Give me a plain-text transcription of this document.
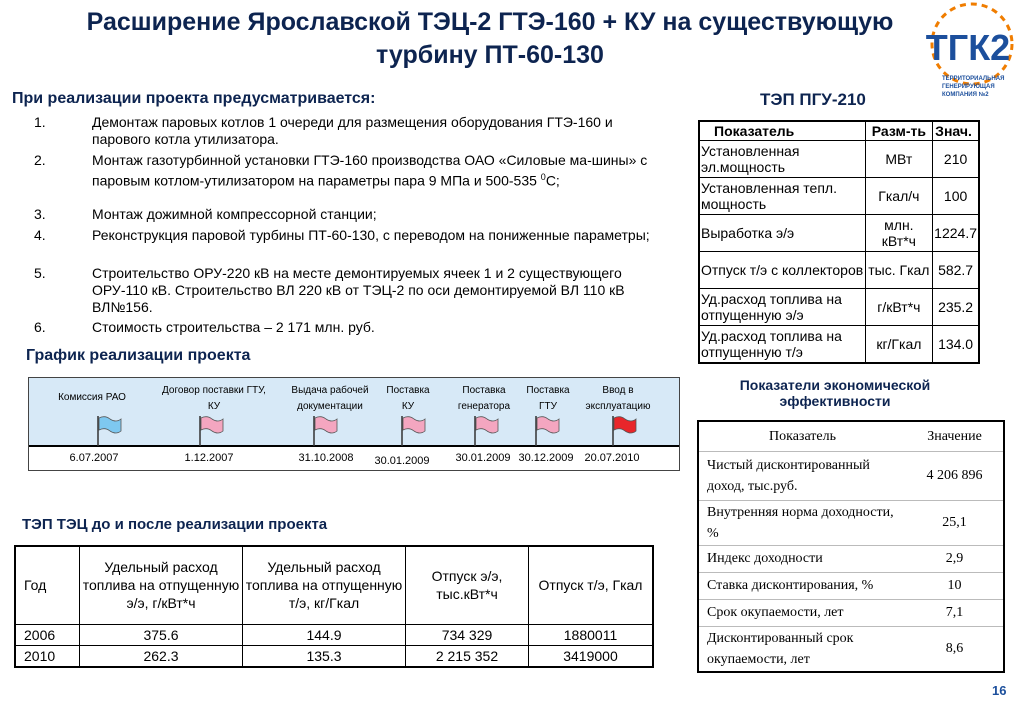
Расширение Ярославской ТЭЦ-2 ГТЭ-160 + КУ на существующую турбину ПТ-60-130	ТГК2
ТЕРРИТОРИАЛЬНАЯ
ГЕНЕРИРУЮЩАЯ
КОМПАНИЯ №2
При реализации проекта предусматривается:
1.	Демонтаж паровых котлов 1 очереди для размещения оборудования ГТЭ-160 и парового котла утилизатора.
2.	Монтаж газотурбинной установки ГТЭ-160 производства ОАО «Силовые ма-шины» с паровым котлом-утилизатором на параметры пара 9 МПа и 500-535 $^0$С;
3.	Монтаж дожимной компрессорной станции;
4.	Реконструкция паровой турбины ПТ-60-130, с переводом на пониженные параметры;
5.	Строительство ОРУ-220 кВ на месте демонтируемых ячеек 1 и 2 существующего ОРУ-110 кВ. Строительство ВЛ 220 кВ от ТЭЦ-2 по оси демонтируемой ВЛ 110 кВ ВЛ№156.
6.	Стоимость строительства – 2 171 млн. руб.
График реализации проекта
Комиссия РАО
Договор поставки ГТУ, КУ
Выдача рабочей документации
Поставка КУ
Поставка генератора
Поставка ГТУ
Ввод в эксплуатацию
6.07.2007	1.12.2007	31.10.2008	30.01.2009	30.01.2009 30.12.2009 20.07.2010
ТЭП ПГУ-210
Показатель	Разм-ть	Знач.
Установленная эл.мощность	МВт	210
Установленная тепл. мощность	Гкал/ч	100
Выработка э/э	млн. кВт*ч	1224.7
Отпуск т/э с коллекторов	тыс. Гкал	582.7
Уд.расход топлива на отпущенную э/э	г/кВт*ч	235.2
Уд.расход топлива на отпущенную т/э	кг/Гкал	134.0
Показатели экономической эффективности
Показатель	Значение
Чистый дисконтированный доход, тыс.руб.	4 206 896
Внутренняя норма доходности, %	25,1
Индекс доходности	2,9
Ставка дисконтирования, %	10
Срок окупаемости, лет	7,1
Дисконтированный срок окупаемости, лет	8,6
ТЭП ТЭЦ до и после реализации проекта
Год	Удельный расход топлива на отпущенную э/э, г/кВт*ч	Удельный расход топлива на отпущенную т/э, кг/Гкал	Отпуск э/э, тыс.кВт*ч	Отпуск т/э, Гкал
2006	375.6	144.9	734 329	1880011
2010	262.3	135.3	2 215 352	3419000
16
